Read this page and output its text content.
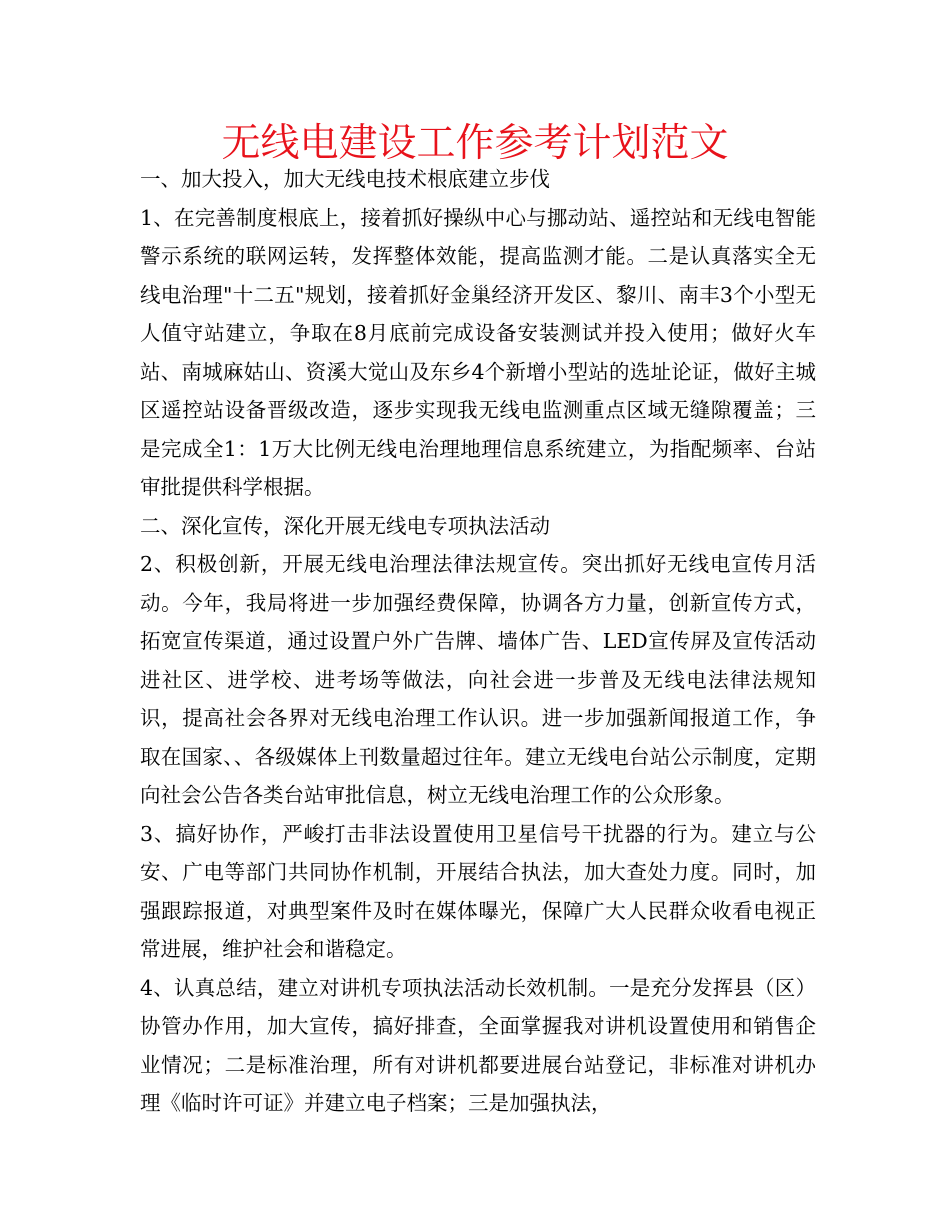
无线电建设工作参考计划范文

一、加大投入，加大无线电技术根底建立步伐

1、在完善制度根底上，接着抓好操纵中心与挪动站、遥控站和无线电智能警示系统的联网运转，发挥整体效能，提高监测才能。二是认真落实全无线电治理"十二五"规划，接着抓好金巢经济开发区、黎川、南丰3个小型无人值守站建立，争取在8月底前完成设备安装测试并投入使用；做好火车站、南城麻姑山、资溪大觉山及东乡4个新增小型站的选址论证，做好主城区遥控站设备晋级改造，逐步实现我无线电监测重点区域无缝隙覆盖；三是完成全1：1万大比例无线电治理地理信息系统建立，为指配频率、台站审批提供科学根据。

二、深化宣传，深化开展无线电专项执法活动

2、积极创新，开展无线电治理法律法规宣传。突出抓好无线电宣传月活动。今年，我局将进一步加强经费保障，协调各方力量，创新宣传方式，拓宽宣传渠道，通过设置户外广告牌、墙体广告、LED宣传屏及宣传活动进社区、进学校、进考场等做法，向社会进一步普及无线电法律法规知识，提高社会各界对无线电治理工作认识。进一步加强新闻报道工作，争取在国家、、各级媒体上刊数量超过往年。建立无线电台站公示制度，定期向社会公告各类台站审批信息，树立无线电治理工作的公众形象。

3、搞好协作，严峻打击非法设置使用卫星信号干扰器的行为。建立与公安、广电等部门共同协作机制，开展结合执法，加大查处力度。同时，加强跟踪报道，对典型案件及时在媒体曝光，保障广大人民群众收看电视正常进展，维护社会和谐稳定。

4、认真总结，建立对讲机专项执法活动长效机制。一是充分发挥县（区）协管办作用，加大宣传，搞好排查，全面掌握我对讲机设置使用和销售企业情况；二是标准治理，所有对讲机都要进展台站登记，非标准对讲机办理《临时许可证》并建立电子档案；三是加强执法，
